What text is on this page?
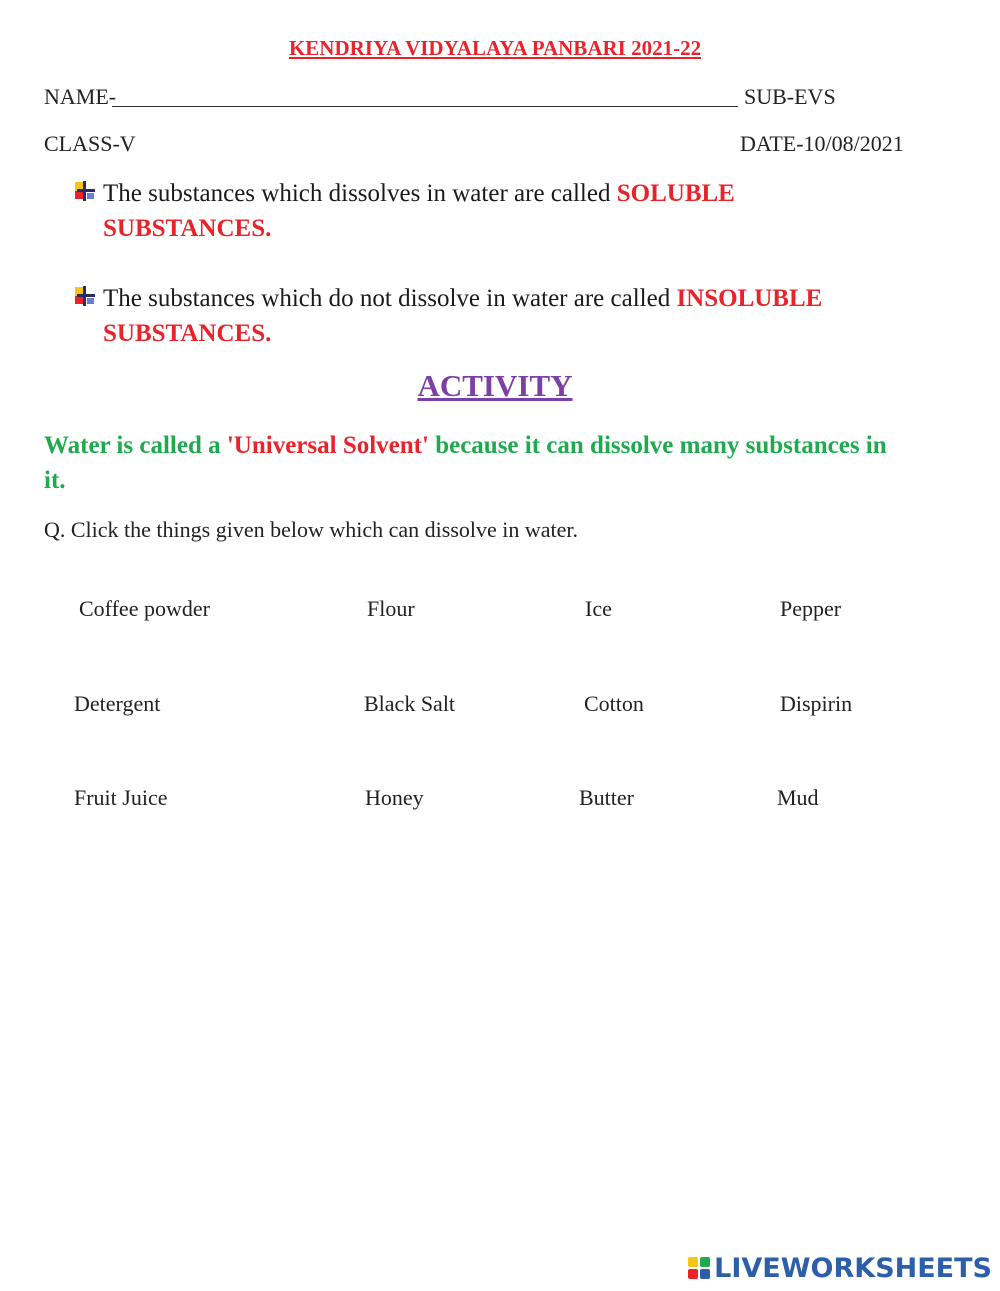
KENDRIYA VIDYALAYA PANBARI 2021-22
NAME-	SUB-EVS
CLASS-V	DATE-10/08/2021
The substances which dissolves in water are called SOLUBLE SUBSTANCES.
The substances which do not dissolve in water are called INSOLUBLE SUBSTANCES.
ACTIVITY
Water is called a 'Universal Solvent' because it can dissolve many substances in it.
Q. Click the things given below which can dissolve in water.
Coffee powder	Flour	Ice	Pepper
Detergent	Black Salt	Cotton	Dispirin
Fruit Juice	Honey	Butter	Mud
LIVEWORKSHEETS
